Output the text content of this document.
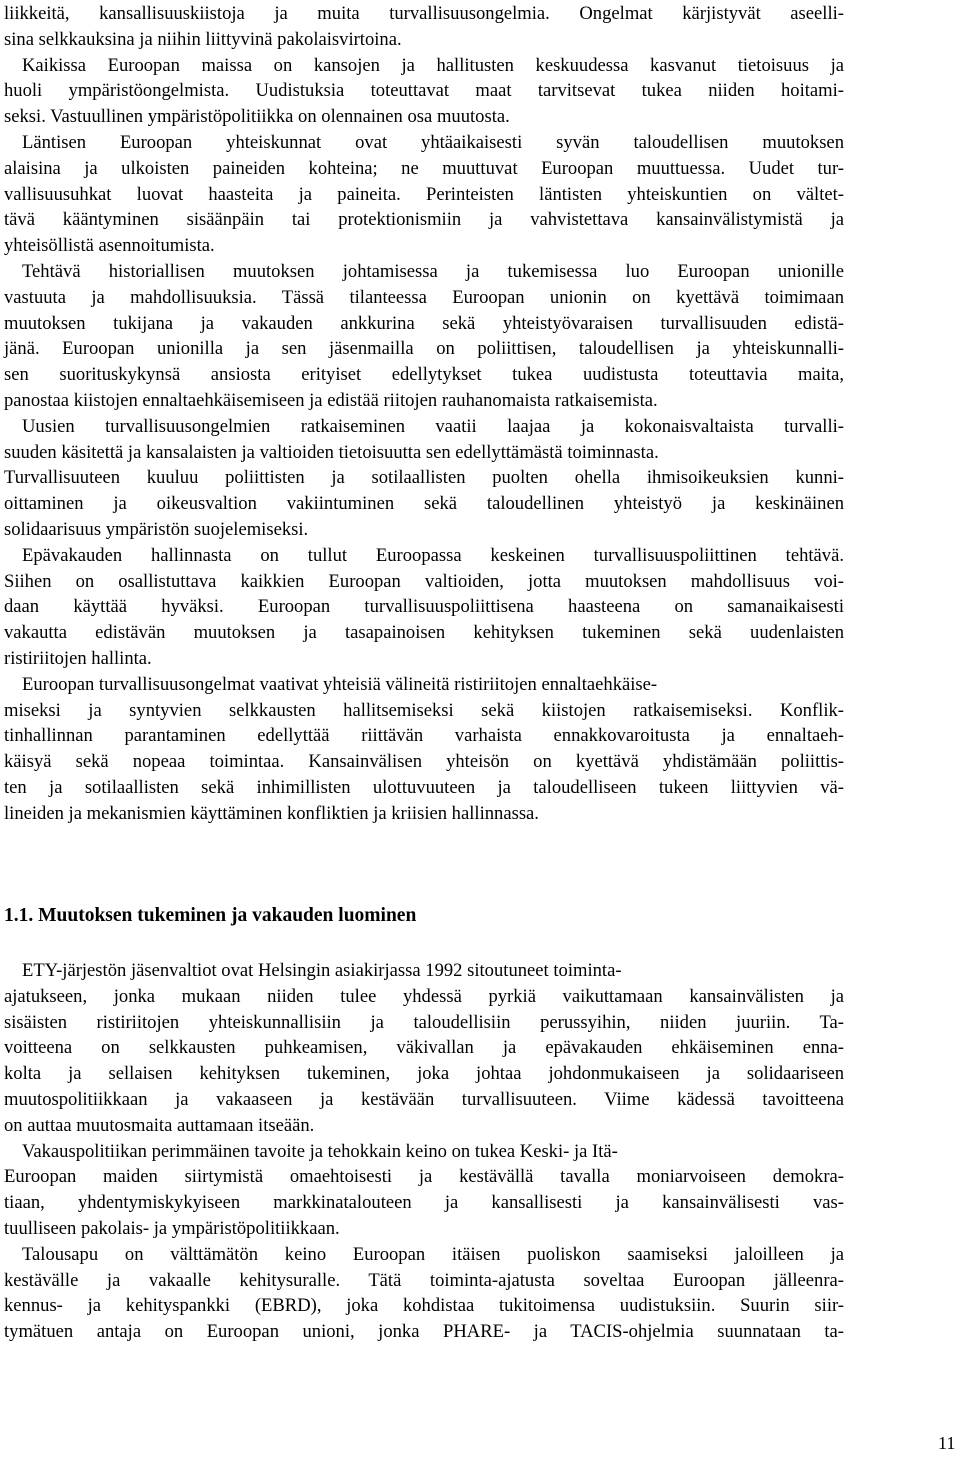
liikkeitä, kansallisuuskiistoja ja muita turvallisuusongelmia. Ongelmat kärjistyvät aseelli-
sina selkkauksina ja niihin liittyvinä pakolaisvirtoina.
Kaikissa Euroopan maissa on kansojen ja hallitusten keskuudessa kasvanut tietoisuus ja
huoli ympäristöongelmista. Uudistuksia toteuttavat maat tarvitsevat tukea niiden hoitami-
seksi. Vastuullinen ympäristöpolitiikka on olennainen osa muutosta.
Läntisen Euroopan yhteiskunnat ovat yhtäaikaisesti syvän taloudellisen muutoksen
alaisina ja ulkoisten paineiden kohteina; ne muuttuvat Euroopan muuttuessa. Uudet tur-
vallisuusuhkat luovat haasteita ja paineita. Perinteisten läntisten yhteiskuntien on vältet-
tävä kääntyminen sisäänpäin tai protektionismiin ja vahvistettava kansainvälistymistä ja
yhteisöllistä asennoitumista.
Tehtävä historiallisen muutoksen johtamisessa ja tukemisessa luo Euroopan unionille
vastuuta ja mahdollisuuksia. Tässä tilanteessa Euroopan unionin on kyettävä toimimaan
muutoksen tukijana ja vakauden ankkurina sekä yhteistyövaraisen turvallisuuden edistä-
jänä. Euroopan unionilla ja sen jäsenmailla on poliittisen, taloudellisen ja yhteiskunnalli-
sen suorituskykynsä ansiosta erityiset edellytykset tukea uudistusta toteuttavia maita,
panostaa kiistojen ennaltaehkäisemiseen ja edistää riitojen rauhanomaista ratkaisemista.
Uusien turvallisuusongelmien ratkaiseminen vaatii laajaa ja kokonaisvaltaista turvalli-
suuden käsitettä ja kansalaisten ja valtioiden tietoisuutta sen edellyttämästä toiminnasta.
Turvallisuuteen kuuluu poliittisten ja sotilaallisten puolten ohella ihmisoikeuksien kunni-
oittaminen ja oikeusvaltion vakiintuminen sekä taloudellinen yhteistyö ja keskinäinen
solidaarisuus ympäristön suojelemiseksi.
Epävakauden hallinnasta on tullut Euroopassa keskeinen turvallisuuspoliittinen tehtävä.
Siihen on osallistuttava kaikkien Euroopan valtioiden, jotta muutoksen mahdollisuus voi-
daan käyttää hyväksi. Euroopan turvallisuuspoliittisena haasteena on samanaikaisesti
vakautta edistävän muutoksen ja tasapainoisen kehityksen tukeminen sekä uudenlaisten
ristiriitojen hallinta.
Euroopan turvallisuusongelmat vaativat yhteisiä välineitä ristiriitojen ennaltaehkäise-
miseksi ja syntyvien selkkausten hallitsemiseksi sekä kiistojen ratkaisemiseksi. Konflik-
tinhallinnan parantaminen edellyttää riittävän varhaista ennakkovaroitusta ja ennaltaeh-
käisyä sekä nopeaa toimintaa. Kansainvälisen yhteisön on kyettävä yhdistämään poliittis-
ten ja sotilaallisten sekä inhimillisten ulottuvuuteen ja taloudelliseen tukeen liittyvien vä-
lineiden ja mekanismien käyttäminen konfliktien ja kriisien hallinnassa.
1.1. Muutoksen tukeminen ja vakauden luominen
ETY-järjestön jäsenvaltiot ovat Helsingin asiakirjassa 1992 sitoutuneet toiminta-
ajatukseen, jonka mukaan niiden tulee yhdessä pyrkiä vaikuttamaan kansainvälisten ja
sisäisten ristiriitojen yhteiskunnallisiin ja taloudellisiin perussyihin, niiden juuriin. Ta-
voitteena on selkkausten puhkeamisen, väkivallan ja epävakauden ehkäiseminen enna-
kolta ja sellaisen kehityksen tukeminen, joka johtaa johdonmukaiseen ja solidaariseen
muutospolitiikkaan ja vakaaseen ja kestävään turvallisuuteen. Viime kädessä tavoitteena
on auttaa muutosmaita auttamaan itseään.
Vakauspolitiikan perimmäinen tavoite ja tehokkain keino on tukea Keski- ja Itä-
Euroopan maiden siirtymistä omaehtoisesti ja kestävällä tavalla moniarvoiseen demokra-
tiaan, yhdentymiskykyiseen markkinatalouteen ja kansallisesti ja kansainvälisesti vas-
tuulliseen pakolais- ja ympäristöpolitiikkaan.
Talousapu on välttämätön keino Euroopan itäisen puoliskon saamiseksi jaloilleen ja
kestävälle ja vakaalle kehitysuralle. Tätä toiminta-ajatusta soveltaa Euroopan jälleenra-
kennus- ja kehityspankki (EBRD), joka kohdistaa tukitoimensa uudistuksiin. Suurin siir-
tymätuen antaja on Euroopan unioni, jonka PHARE- ja TACIS-ohjelmia suunnataan ta-
11
